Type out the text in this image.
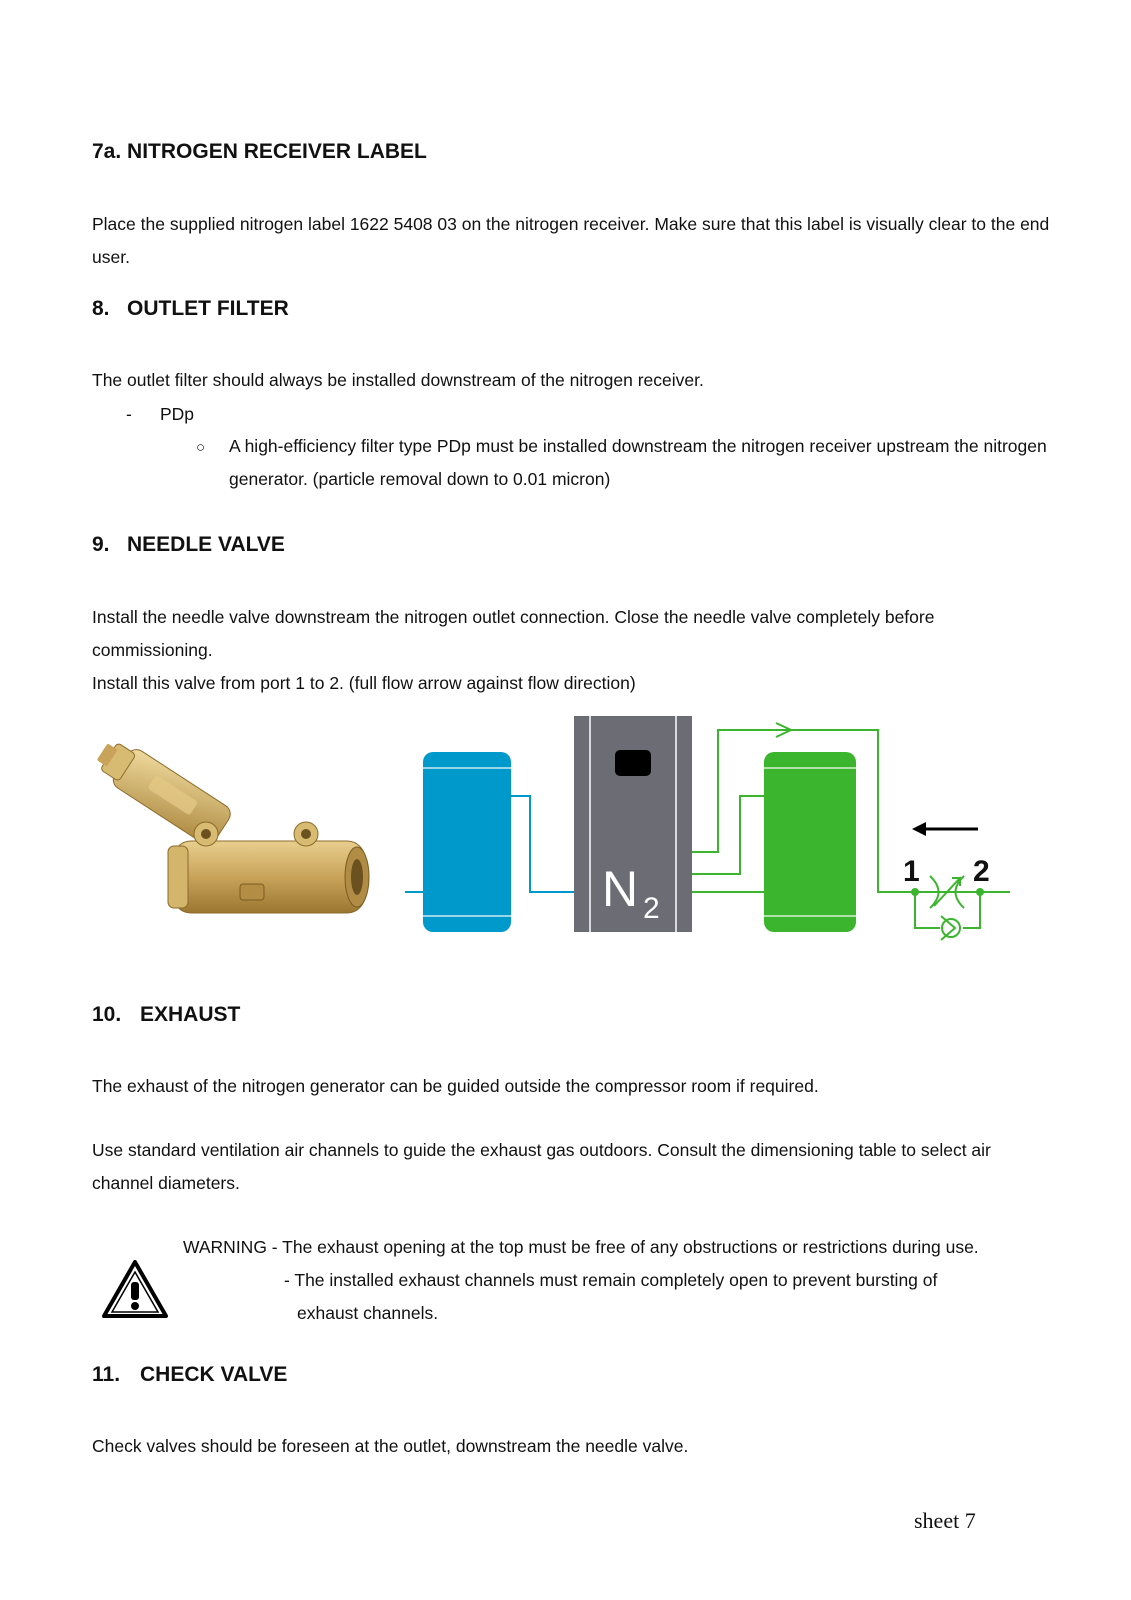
7a. NITROGEN RECEIVER LABEL

Place the supplied nitrogen label 1622 5408 03 on the nitrogen receiver. Make sure that this label is visually clear to the end user.

8. OUTLET FILTER

The outlet filter should always be installed downstream of the nitrogen receiver.

- PDp
○ A high-efficiency filter type PDp must be installed downstream the nitrogen receiver upstream the nitrogen generator. (particle removal down to 0.01 micron)

9. NEEDLE VALVE

Install the needle valve downstream the nitrogen outlet connection. Close the needle valve completely before commissioning.

Install this valve from port 1 to 2. (full flow arrow against flow direction)

N 2
1 2
10. EXHAUST

The exhaust of the nitrogen generator can be guided outside the compressor room if required.

Use standard ventilation air channels to guide the exhaust gas outdoors. Consult the dimensioning table to select air channel diameters.

WARNING - The exhaust opening at the top must be free of any obstructions or restrictions during use.
- The installed exhaust channels must remain completely open to prevent bursting of
exhaust channels.
11. CHECK VALVE

Check valves should be foreseen at the outlet, downstream the needle valve.

sheet 7
